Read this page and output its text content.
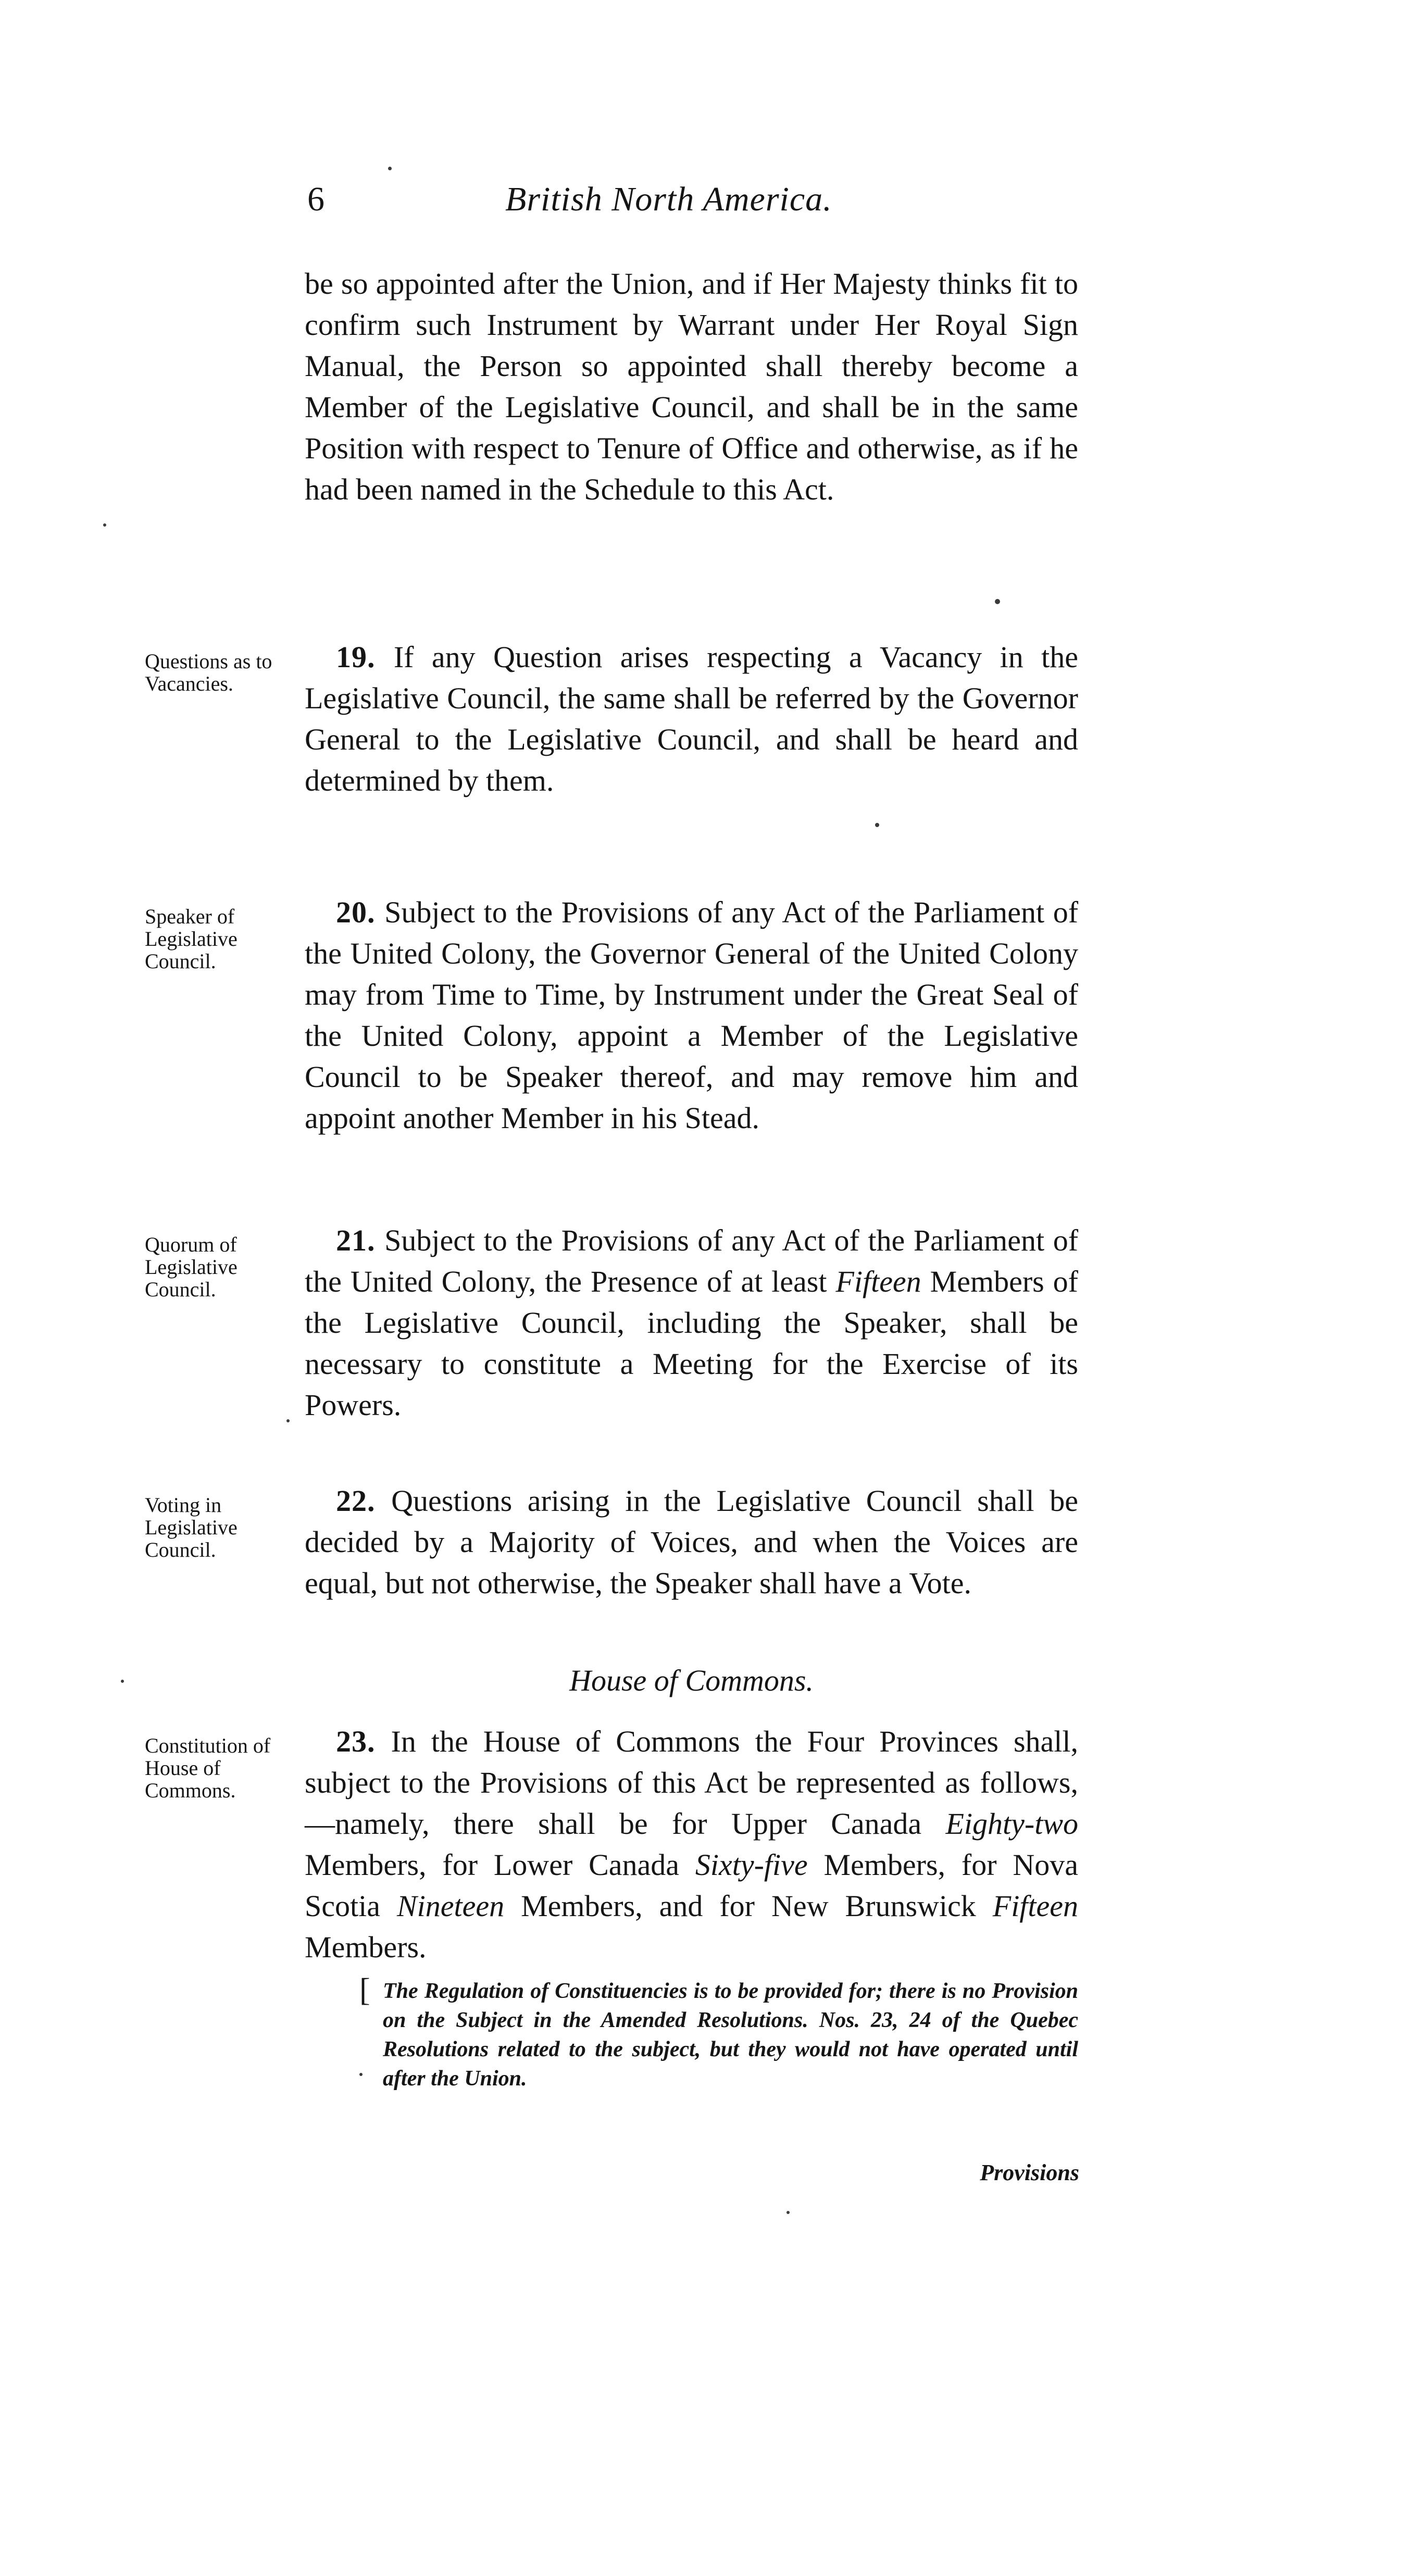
6	British North America.
be so appointed after the Union, and if Her Majesty thinks fit to confirm such Instrument by Warrant under Her Royal Sign Manual, the Person so appointed shall thereby become a Member of the Legislative Council, and shall be in the same Position with respect to Tenure of Office and otherwise, as if he had been named in the Schedule to this Act.
Questions as to Vacancies.
19. If any Question arises respecting a Vacancy in the Legislative Council, the same shall be referred by the Governor General to the Legislative Council, and shall be heard and determined by them.
Speaker of Legislative Council.
20. Subject to the Provisions of any Act of the Parliament of the United Colony, the Governor General of the United Colony may from Time to Time, by Instrument under the Great Seal of the United Colony, appoint a Member of the Legislative Council to be Speaker thereof, and may remove him and appoint another Member in his Stead.
Quorum of Legislative Council.
21. Subject to the Provisions of any Act of the Parliament of the United Colony, the Presence of at least Fifteen Members of the Legislative Council, including the Speaker, shall be necessary to constitute a Meeting for the Exercise of its Powers.
Voting in Legislative Council.
22. Questions arising in the Legislative Council shall be decided by a Majority of Voices, and when the Voices are equal, but not otherwise, the Speaker shall have a Vote.
House of Commons.
Constitution of House of Commons.
23. In the House of Commons the Four Provinces shall, subject to the Provisions of this Act be represented as follows,—namely, there shall be for Upper Canada Eighty-two Members, for Lower Canada Sixty-five Members, for Nova Scotia Nineteen Members, and for New Brunswick Fifteen Members.
[ The Regulation of Constituencies is to be provided for; there is no Provision on the Subject in the Amended Resolutions. Nos. 23, 24 of the Quebec Resolutions related to the subject, but they would not have operated until after the Union.
Provisions
